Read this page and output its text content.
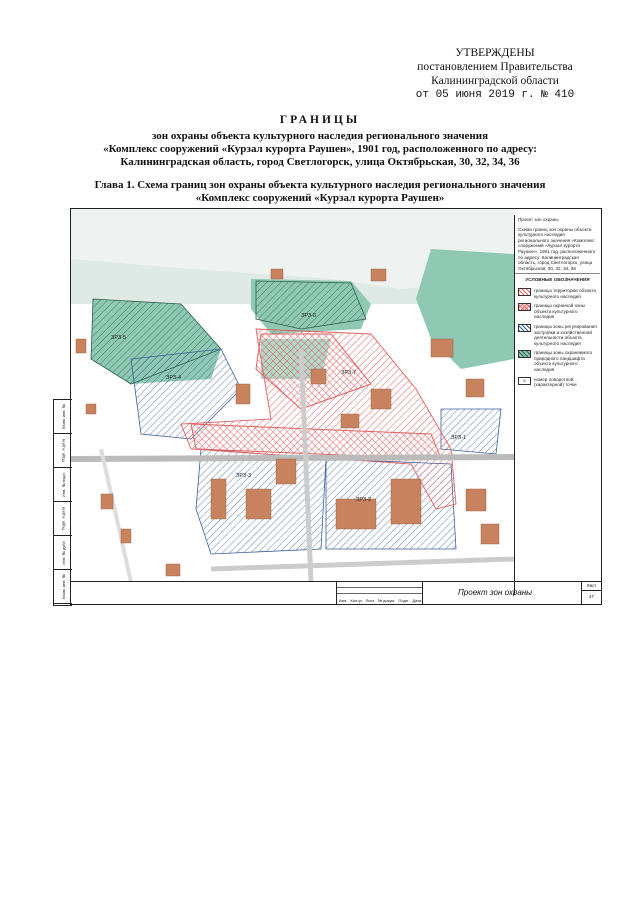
УТВЕРЖДЕНЫ
постановлением Правительства
Калининградской области
от 05 июня 2019 г. № 410
ГРАНИЦЫ
зон охраны объекта культурного наследия регионального значения
«Комплекс сооружений «Курзал курорта Раушен», 1901 год, расположенного по адресу:
Калининградская область, город Светлогорск, улица Октябрьская, 30, 32, 34, 36
Глава 1. Схема границ зон охраны объекта культурного наследия регионального значения
«Комплекс сооружений «Курзал курорта Раушен»
ЗРЗ-2
ЗРЗ-3
ЗРЗ-1
ЗРЗ-4
ЗРЗ-5
ЗРЗ-6
ЗРЗ-7
Проект зон охраны
Схема границ зон охраны объекта культурного наследия регионального значения «Комплекс сооружений «Курзал курорта Раушен», 1901 год, расположенного по адресу: Калининградская область, город Светлогорск, улица Октябрьская, 30, 32, 34, 36
УСЛОВНЫЕ ОБОЗНАЧЕНИЯ
границы территории объекта культурного наследия
границы охранной зоны объекта культурного наследия
границы зоны регулирования застройки и хозяйственной деятельности объекта культурного наследия
границы зоны охраняемого природного ландшафта объекта культурного наследия
6	номер поворотной (характерной) точки
Взам. инв. №
Подп. и дата
Инв. № подл.
Подп. и дата
Инв. № дубл.
Взам. инв. №
Изм. Кол.уч Лист № докум. Подп. Дата
Проект зон охраны
Лист
47
